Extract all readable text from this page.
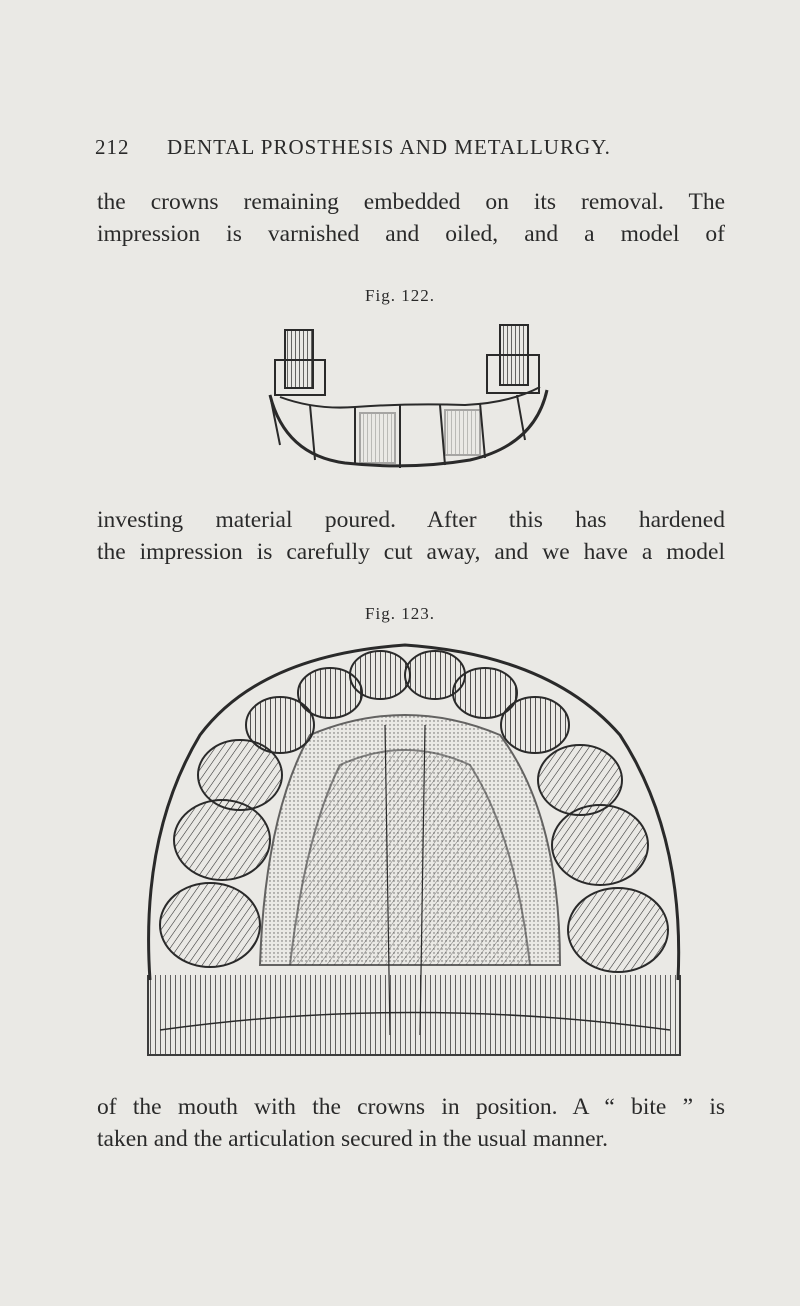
212 DENTAL PROSTHESIS AND METALLURGY.
the crowns remaining embedded on its removal. The
impression is varnished and oiled, and a model of
Fig. 122.
investing material poured. After this has hardened
the impression is carefully cut away, and we have a model
Fig. 123.
of the mouth with the crowns in position. A “ bite ” is
taken and the articulation secured in the usual manner.
